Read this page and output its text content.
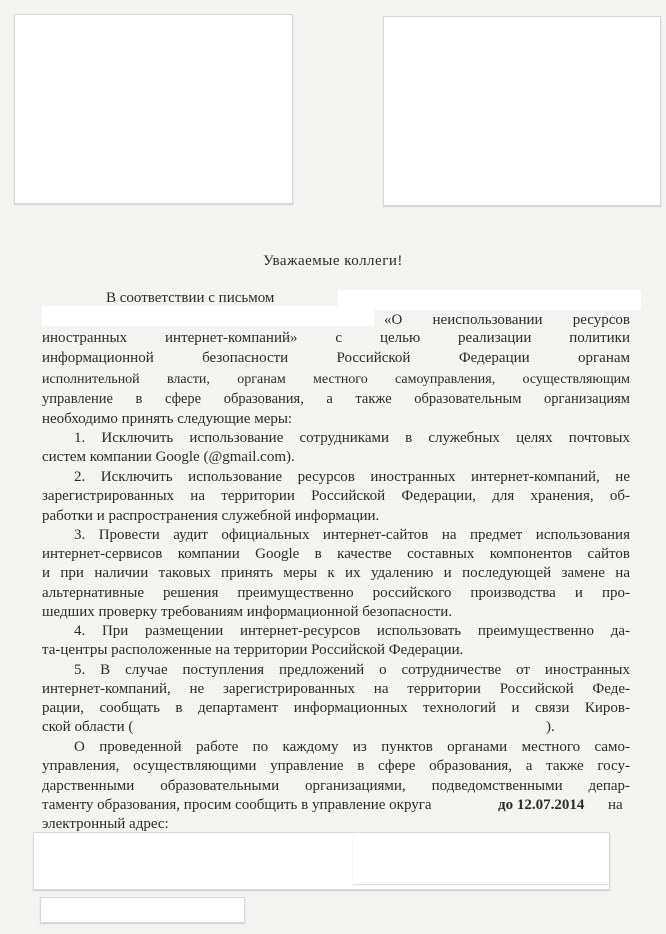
Уважаемые коллеги!
В соответствии с письмом
«О неиспользовании ресурсов
иностранных интернет-компаний» с целью реализации политики
информационной безопасности Российской Федерации органам
исполнительной власти, органам местного самоуправления, осуществляющим
управление в сфере образования, а также образовательным организациям
необходимо принять следующие меры:
1. Исключить использование сотрудниками в служебных целях почтовых
систем компании Google (@gmail.com).
2. Исключить использование ресурсов иностранных интернет-компаний, не
зарегистрированных на территории Российской Федерации, для хранения, об-
работки и распространения служебной информации.
3. Провести аудит официальных интернет-сайтов на предмет использования
интернет-сервисов компании Google в качестве составных компонентов сайтов
и при наличии таковых принять меры к их удалению и последующей замене на
альтернативные решения преимущественно российского производства и про-
шедших проверку требованиям информационной безопасности.
4. При размещении интернет-ресурсов использовать преимущественно да-
та-центры расположенные на территории Российской Федерации.
5. В случае поступления предложений о сотрудничестве от иностранных
интернет-компаний, не зарегистрированных на территории Российской Феде-
рации, сообщать в департамент информационных технологий и связи Киров-
ской области (	).
О проведенной работе по каждому из пунктов органами местного само-
управления, осуществляющими управление в сфере образования, а также госу-
дарственными образовательными организациями, подведомственными депар-
таменту образования, просим сообщить в управление округа	до 12.07.2014	на
электронный адрес:
